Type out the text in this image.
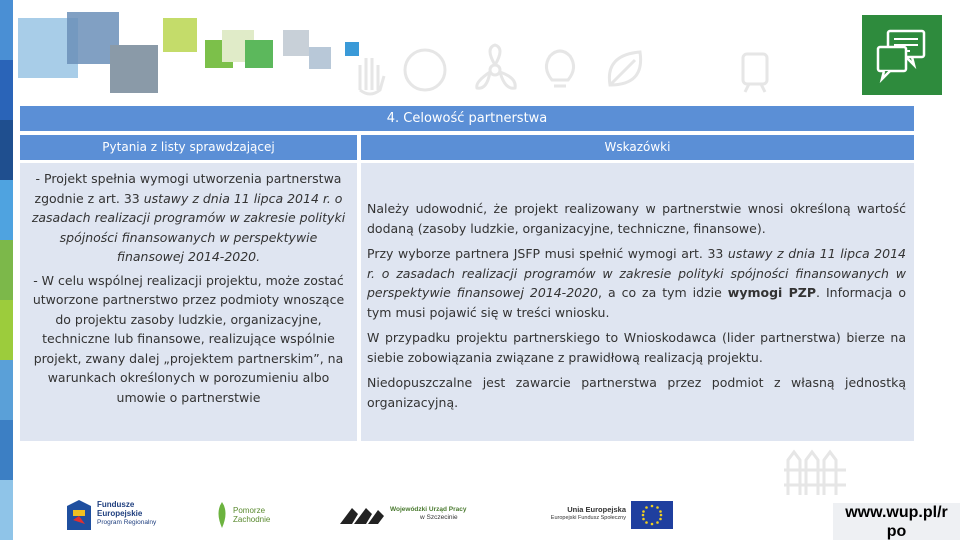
4. Celowość partnerstwa
Pytania z listy sprawdzającej	Wskazówki

- Projekt spełnia wymogi utworzenia partnerstwa zgodnie z art. 33 ustawy z dnia 11 lipca 2014 r. o zasadach realizacji programów w zakresie polityki spójności finansowanych w perspektywie finansowej 2014-2020.

- W celu wspólnej realizacji projektu, może zostać utworzone partnerstwo przez podmioty wnoszące do projektu zasoby ludzkie, organizacyjne, techniczne lub finansowe, realizujące wspólnie projekt, zwany dalej „projektem partnerskim”, na warunkach określonych w porozumieniu albo umowie o partnerstwie

Należy udowodnić, że projekt realizowany w partnerstwie wnosi określoną wartość dodaną (zasoby ludzkie, organizacyjne, techniczne, finansowe).

Przy wyborze partnera JSFP musi spełnić wymogi art. 33 ustawy z dnia 11 lipca 2014 r. o zasadach realizacji programów w zakresie polityki spójności finansowanych w perspektywie finansowej 2014-2020, a co za tym idzie wymogi PZP. Informacja o tym musi pojawić się w treści wniosku.

W przypadku projektu partnerskiego to Wnioskodawca (lider partnerstwa) bierze na siebie zobowiązania związane z prawidłową realizacją projektu.

Niedopuszczalne jest zawarcie partnerstwa przez podmiot z własną jednostką organizacyjną.

Fundusze
Europejskie
Program Regionalny
Pomorze
Zachodnie
Wojewódzki Urząd Pracy
w Szczecinie
Unia Europejska
Europejski Fundusz Społeczny	www.wup.pl/r
po
